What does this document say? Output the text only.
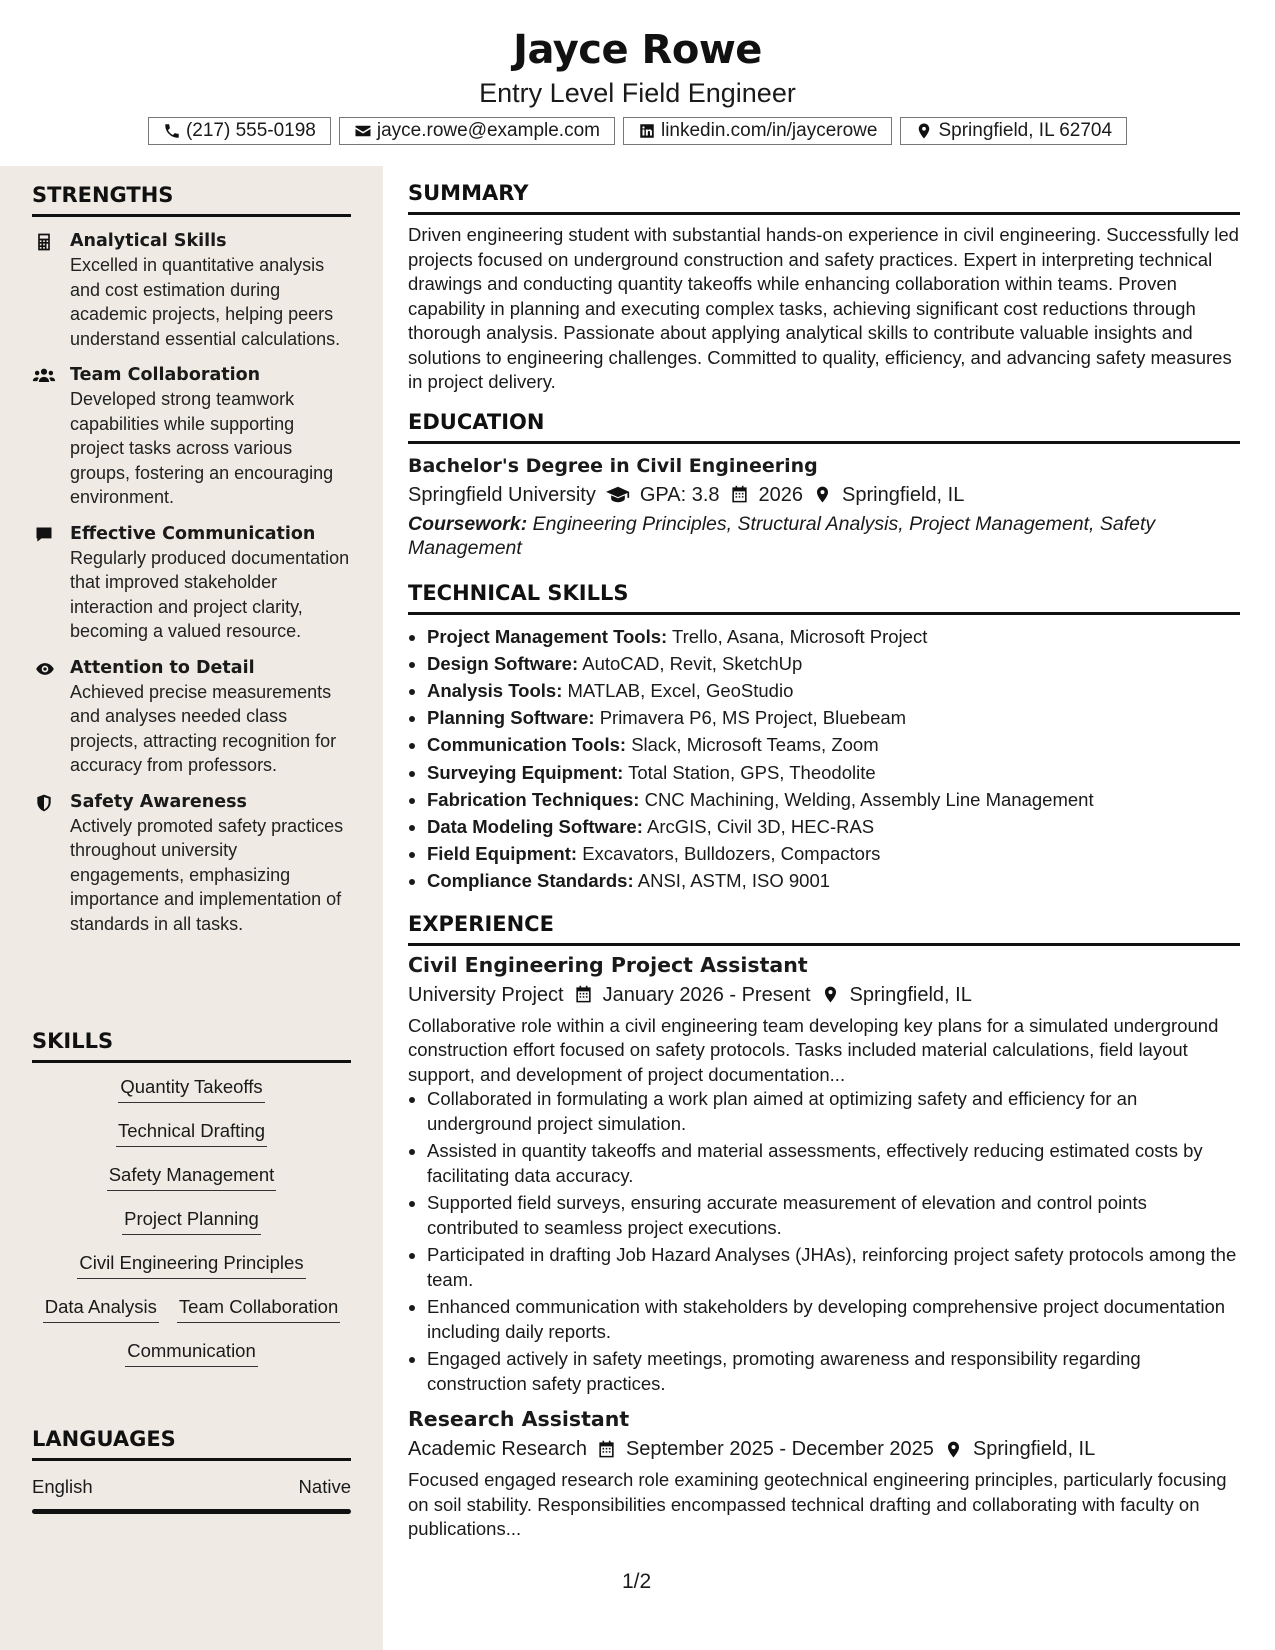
Jayce Rowe
Entry Level Field Engineer
(217) 555-0198	jayce.rowe@example.com	linkedin.com/in/jaycerowe	Springfield, IL 62704
STRENGTHS
Analytical Skills
Excelled in quantitative analysis and cost estimation during academic projects, helping peers understand essential calculations.
Team Collaboration
Developed strong teamwork capabilities while supporting project tasks across various groups, fostering an encouraging environment.
Effective Communication
Regularly produced documentation that improved stakeholder interaction and project clarity, becoming a valued resource.
Attention to Detail
Achieved precise measurements and analyses needed class projects, attracting recognition for accuracy from professors.
Safety Awareness
Actively promoted safety practices throughout university engagements, emphasizing importance and implementation of standards in all tasks.
SKILLS
Quantity Takeoffs
Technical Drafting
Safety Management
Project Planning
Civil Engineering Principles
Data Analysis Team Collaboration
Communication
LANGUAGES
English	Native
SUMMARY
Driven engineering student with substantial hands-on experience in civil engineering. Successfully led projects focused on underground construction and safety practices. Expert in interpreting technical drawings and conducting quantity takeoffs while enhancing collaboration within teams. Proven capability in planning and executing complex tasks, achieving significant cost reductions through thorough analysis. Passionate about applying analytical skills to contribute valuable insights and solutions to engineering challenges. Committed to quality, efficiency, and advancing safety measures in project delivery.
EDUCATION
Bachelor's Degree in Civil Engineering
Springfield University GPA: 3.8 2026 Springfield, IL
Coursework: Engineering Principles, Structural Analysis, Project Management, Safety Management
TECHNICAL SKILLS
• Project Management Tools: Trello, Asana, Microsoft Project
• Design Software: AutoCAD, Revit, SketchUp
• Analysis Tools: MATLAB, Excel, GeoStudio
• Planning Software: Primavera P6, MS Project, Bluebeam
• Communication Tools: Slack, Microsoft Teams, Zoom
• Surveying Equipment: Total Station, GPS, Theodolite
• Fabrication Techniques: CNC Machining, Welding, Assembly Line Management
• Data Modeling Software: ArcGIS, Civil 3D, HEC-RAS
• Field Equipment: Excavators, Bulldozers, Compactors
• Compliance Standards: ANSI, ASTM, ISO 9001
EXPERIENCE
Civil Engineering Project Assistant
University Project January 2026 - Present Springfield, IL
Collaborative role within a civil engineering team developing key plans for a simulated underground construction effort focused on safety protocols. Tasks included material calculations, field layout support, and development of project documentation...
• Collaborated in formulating a work plan aimed at optimizing safety and efficiency for an underground project simulation.
• Assisted in quantity takeoffs and material assessments, effectively reducing estimated costs by facilitating data accuracy.
• Supported field surveys, ensuring accurate measurement of elevation and control points contributed to seamless project executions.
• Participated in drafting Job Hazard Analyses (JHAs), reinforcing project safety protocols among the team.
• Enhanced communication with stakeholders by developing comprehensive project documentation including daily reports.
• Engaged actively in safety meetings, promoting awareness and responsibility regarding construction safety practices.
Research Assistant
Academic Research September 2025 - December 2025 Springfield, IL
Focused engaged research role examining geotechnical engineering principles, particularly focusing on soil stability. Responsibilities encompassed technical drafting and collaborating with faculty on publications...
1/2
